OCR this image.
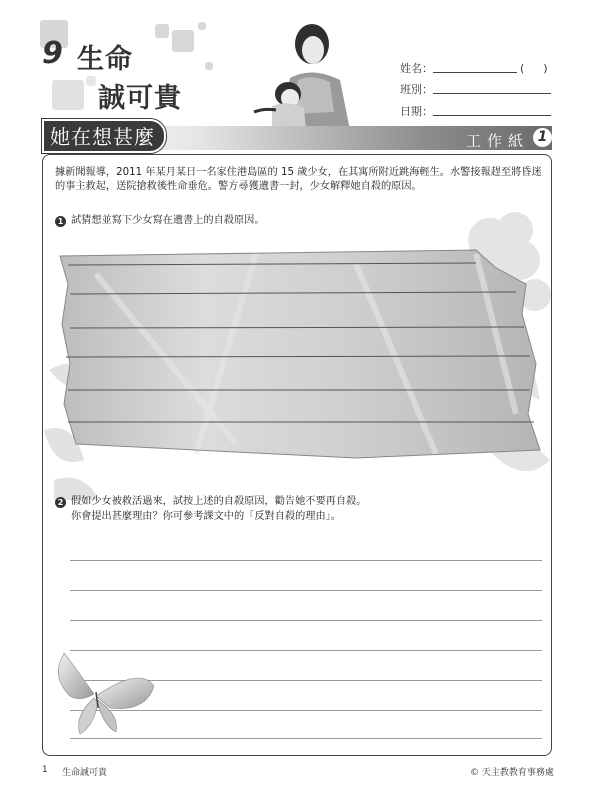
9 生命
誠可貴
姓名：	(　)
班別：
日期：
她在想甚麼	工作紙 1
據新聞報導，2011 年某月某日一名家住港島區的 15 歲少女，在其寓所附近跳海輕生。水警接報趕至將昏迷的事主救起，送院搶救後性命垂危。警方尋獲遺書一封，少女解釋她自殺的原因。
1 試猜想並寫下少女寫在遺書上的自殺原因。
2 假如少女被救活過來，試按上述的自殺原因，勸告她不要再自殺。
你會提出甚麼理由？你可參考課文中的「反對自殺的理由」。
1 生命誠可貴	© 天主教教育事務處
